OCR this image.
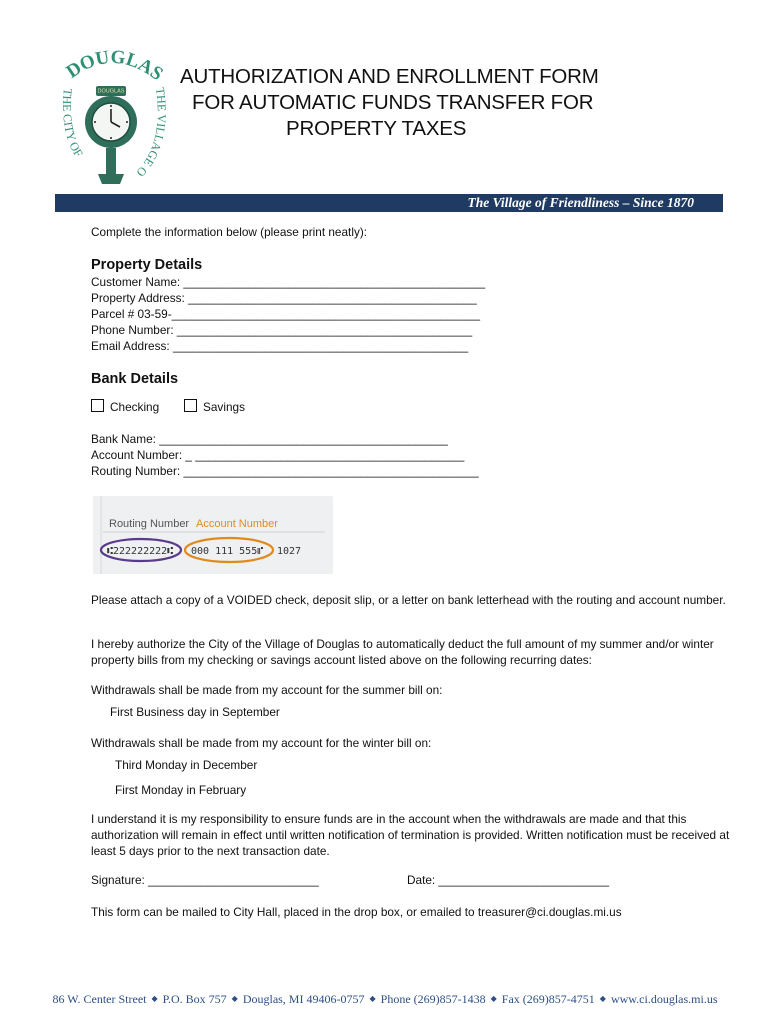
DOUGLAS
THE CITY OF
THE VILLAGE O
DOUGLAS
AUTHORIZATION AND ENROLLMENT FORM
FOR AUTOMATIC FUNDS TRANSFER FOR
PROPERTY TAXES
The Village of Friendliness – Since 1870
Complete the information below (please print neatly):
Property Details
Customer Name: ______________________________________________
Property Address: ____________________________________________
Parcel # 03-59-_______________________________________________
Phone Number: _____________________________________________
Email Address: _____________________________________________
Bank Details
Checking	Savings
Bank Name: ____________________________________________
Account Number: _ _________________________________________
Routing Number: _____________________________________________
Routing Number Account Number
⑆222222222⑆ 000 111 555⑈ 1027
Please attach a copy of a VOIDED check, deposit slip, or a letter on bank letterhead with the routing and account number.
I hereby authorize the City of the Village of Douglas to automatically deduct the full amount of my summer and/or winter property bills from my checking or savings account listed above on the following recurring dates:
Withdrawals shall be made from my account for the summer bill on:
First Business day in September
Withdrawals shall be made from my account for the winter bill on:
Third Monday in December
First Monday in February
I understand it is my responsibility to ensure funds are in the account when the withdrawals are made and that this authorization will remain in effect until written notification of termination is provided. Written notification must be received at least 5 days prior to the next transaction date.
Signature: __________________________	Date: __________________________
This form can be mailed to City Hall, placed in the drop box, or emailed to treasurer@ci.douglas.mi.us
86 W. Center Street ◆ P.O. Box 757 ◆ Douglas, MI 49406-0757 ◆ Phone (269)857-1438 ◆ Fax (269)857-4751 ◆ www.ci.douglas.mi.us
